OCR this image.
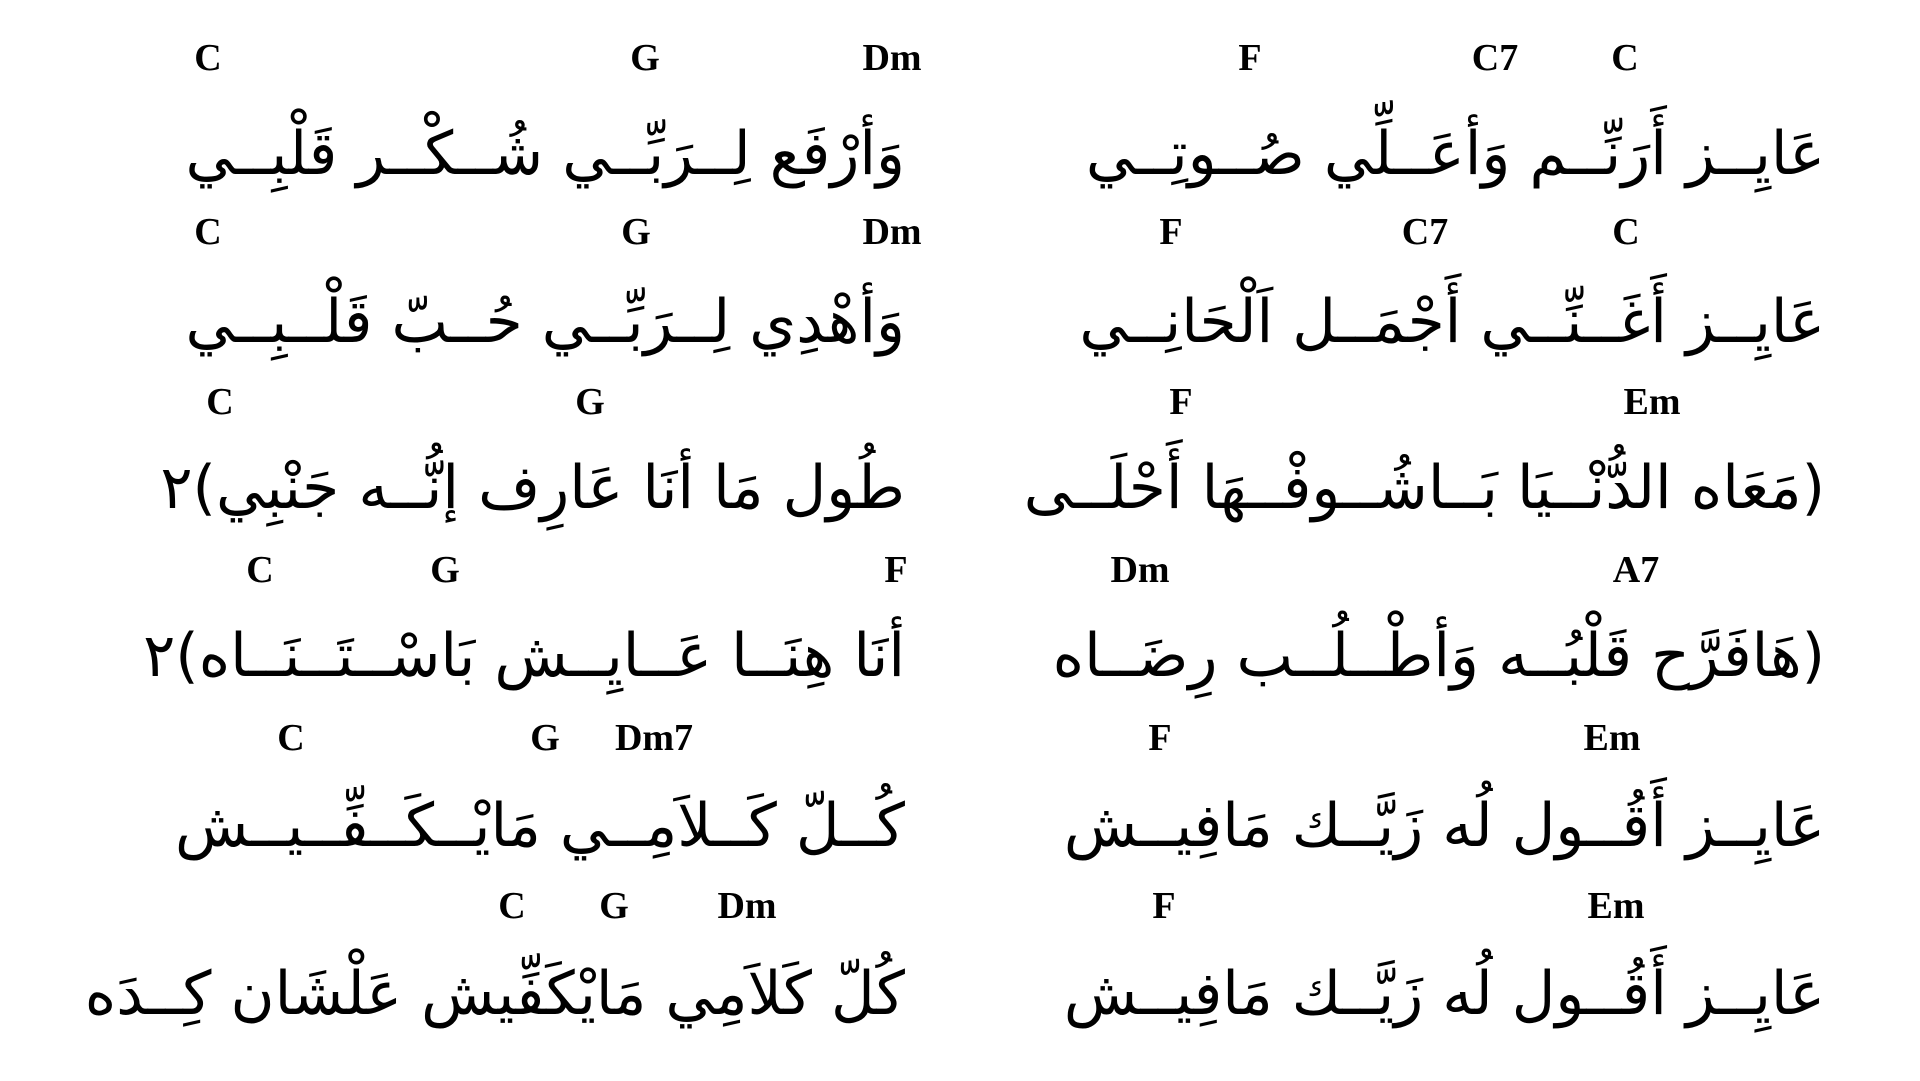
F	C7 C
عَايِــز أَرَنِّــم وَأعَــلِّي صُــوتِــي
C	G	Dm
وَأرْفَع لِــرَبِّــي شُــكْــر قَلْبِــي
F	C7	C
عَايِــز أَغَــنِّــي أَجْمَــل اَلْحَانِــي
C	G	Dm
وَأهْدِي لِــرَبِّــي حُــبّ قَلْــبِــي
F	Em
(مَعَاه الدُّنْــيَا بَــاشُــوفْــهَا أَحْلَــى
C	G
طُول مَا أنَا عَارِف إنُّــه جَنْبِي)٢
Dm	A7
(هَافَرَّح قَلْبُــه وَأطْــلُــب رِضَــاه
C	G	F
أنَا هِنَــا عَــايِــش بَاسْــتَــنَــاه)٢
F	Em
عَايِــز أَقُــول لُه زَيَّــك مَافِيــش
C	G Dm7
كُــلّ كَــلاَمِــي مَايْــكَــفِّــيــش
F	Em
عَايِــز أَقُــول لُه زَيَّــك مَافِيــش
C G Dm
كُلّ كَلاَمِي مَايْكَفِّيش عَلْشَان كِــدَه
